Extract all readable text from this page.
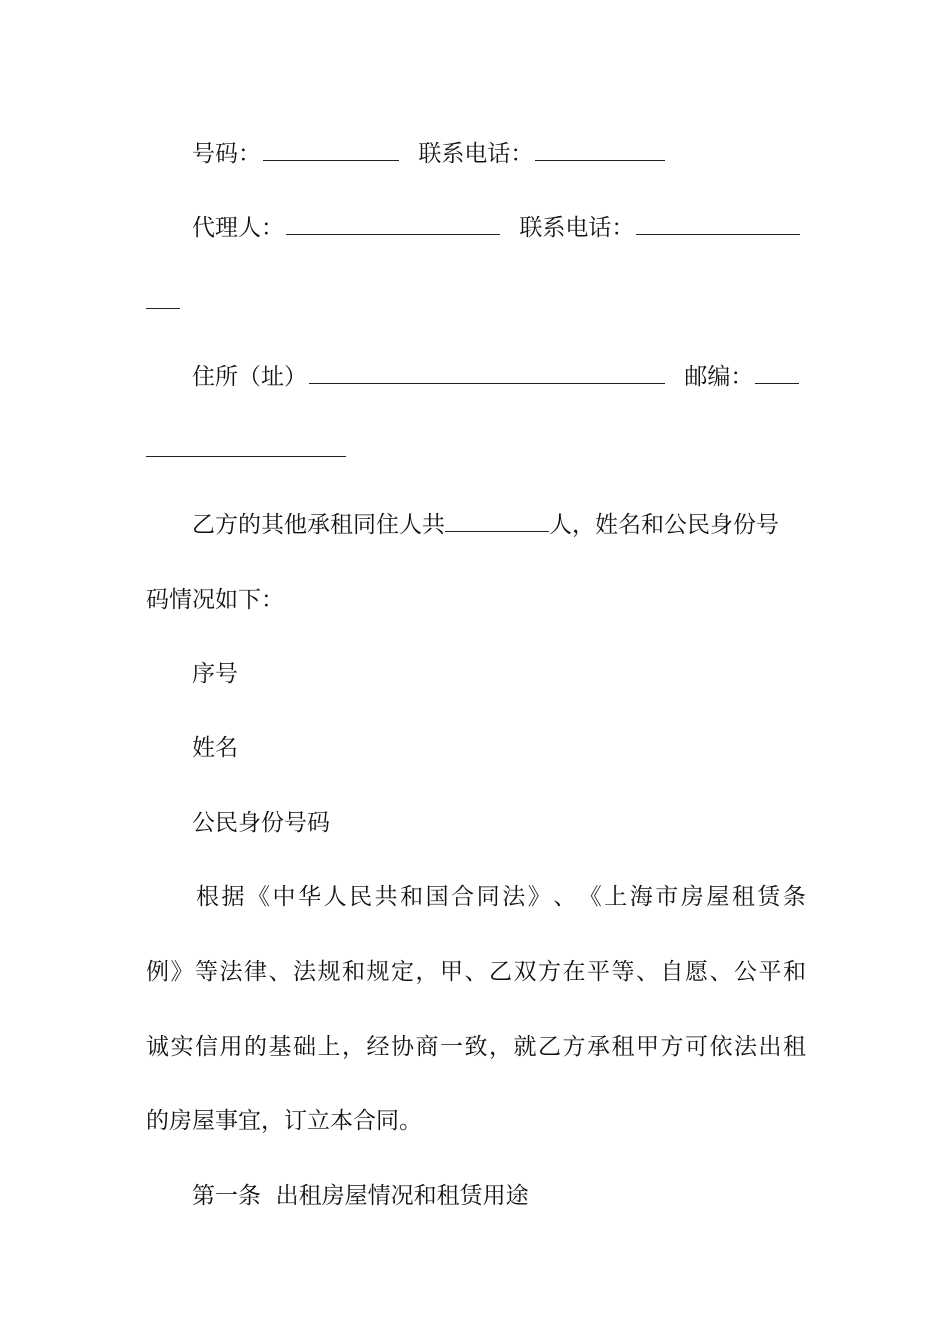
号码：	联系电话：
代理人：	联系电话：
住所（址）	邮编：
乙方的其他承租同住人共	人，姓名和公民身份号
码情况如下：
序号
姓名
公民身份号码
根 据 《 中 华 人 民 共 和 国 合 同 法 》 、 《 上 海 市 房 屋 租 赁 条
例 》 等 法 律 、 法 规 和 规 定 ， 甲 、 乙 双 方 在 平 等 、 自 愿 、 公 平 和
诚 实 信 用 的 基 础 上 ， 经 协 商 一 致 ， 就 乙 方 承 租 甲 方 可 依 法 出 租
的房屋事宜，订立本合同。
第一条  出租房屋情况和租赁用途
